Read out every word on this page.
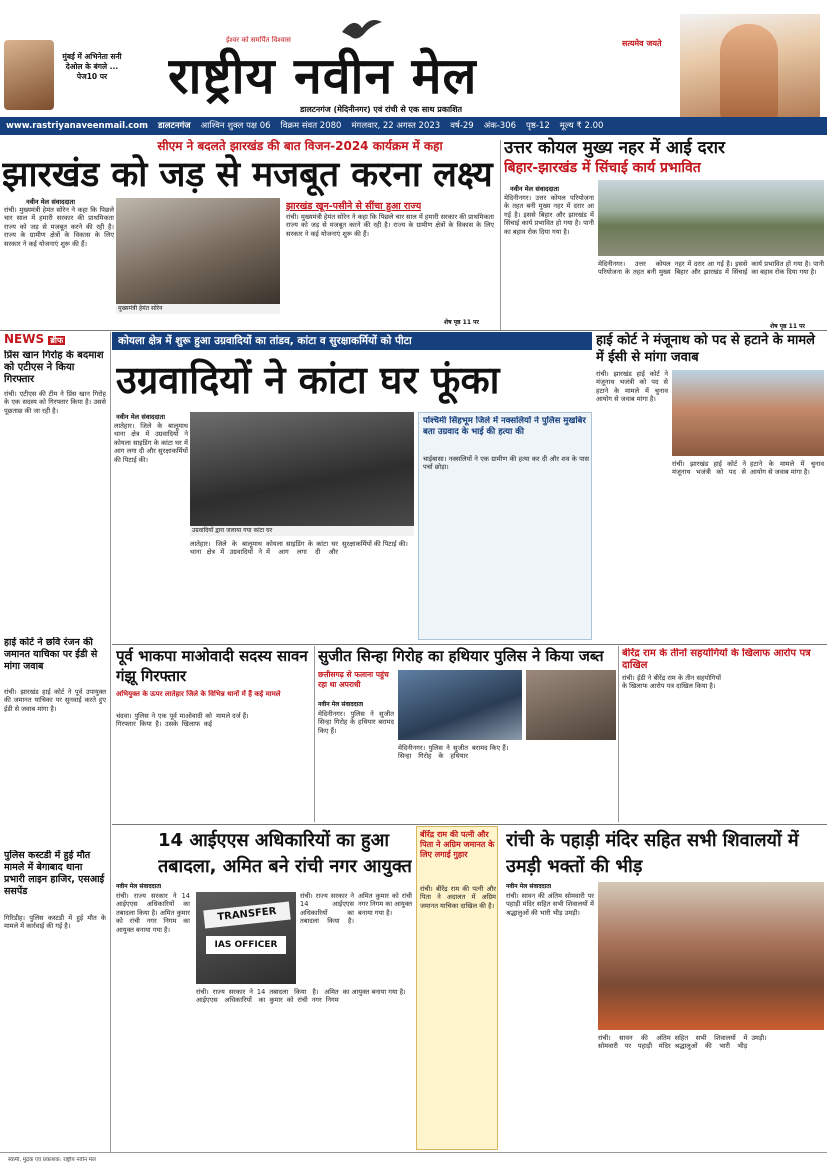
ईश्वर को समर्पित विश्वास
राष्ट्रीय नवीन मेल
सत्यमेव जयते
डालटनगंज (मेदिनीनगर) एवं रांची से एक साथ प्रकाशित
मुंबई में अभिनेता सनी देओल के बंगले ... पेज10 पर
www.rastriyanaveenmail.com डालटनगंज आश्विन शुक्ल पक्ष 06 विक्रम संवत 2080 मंगलवार, 22 अगस्त 2023 वर्ष-29 अंक-306 पृष्ठ-12 मूल्य ₹ 2.00
सीएम ने बदलते झारखंड की बात विजन-2024 कार्यक्रम में कहा
झारखंड को जड़ से मजबूत करना लक्ष्य
नवीन मेल संवाददाता
रांची। मुख्यमंत्री हेमंत सोरेन ने कहा कि पिछले चार साल में हमारी सरकार की प्राथमिकता राज्य को जड़ से मजबूत करने की रही है। राज्य के ग्रामीण क्षेत्रों के विकास के लिए सरकार ने कई योजनाएं शुरू की हैं।
मुख्यमंत्री हेमंत सोरेन
झारखंड खून-पसीने से सींचा हुआ राज्य
रांची। मुख्यमंत्री हेमंत सोरेन ने कहा कि पिछले चार साल में हमारी सरकार की प्राथमिकता राज्य को जड़ से मजबूत करने की रही है। राज्य के ग्रामीण क्षेत्रों के विकास के लिए सरकार ने कई योजनाएं शुरू की हैं।
शेष पृष्ठ 11 पर
उत्तर कोयल मुख्य नहर में आई दरार
बिहार-झारखंड में सिंचाई कार्य प्रभावित
नवीन मेल संवाददाता
मेदिनीनगर। उत्तर कोयल परियोजना के तहत बनी मुख्य नहर में दरार आ गई है। इससे बिहार और झारखंड में सिंचाई कार्य प्रभावित हो गया है। पानी का बहाव रोक दिया गया है।
मेदिनीनगर। उत्तर कोयल परियोजना के तहत बनी मुख्य नहर में दरार आ गई है। इससे बिहार और झारखंड में सिंचाई कार्य प्रभावित हो गया है। पानी का बहाव रोक दिया गया है।
शेष पृष्ठ 11 पर
NEWS ब्रीफ
प्रिंस खान गिरोह के बदमाश को एटीएस ने किया गिरफ्तार
रांची। एटीएस की टीम ने प्रिंस खान गिरोह के एक सदस्य को गिरफ्तार किया है। उससे पूछताछ की जा रही है।
हाई कोर्ट ने छवि रंजन की जमानत याचिका पर ईडी से मांगा जवाब
रांची। झारखंड हाई कोर्ट ने पूर्व उपायुक्त की जमानत याचिका पर सुनवाई करते हुए ईडी से जवाब मांगा है।
पुलिस कस्टडी में हुई मौत मामले में बेगाबाद थाना प्रभारी लाइन हाजिर, एसआई ससपेंड
गिरिडीह। पुलिस कस्टडी में हुई मौत के मामले में कार्रवाई की गई है।
कोयला क्षेत्र में शुरू हुआ उग्रवादियों का तांडव, कांटा व सुरक्षाकर्मियों को पीटा
उग्रवादियों ने कांटा घर फूंका
नवीन मेल संवाददाता
लातेहार। जिले के बालूमाथ थाना क्षेत्र में उग्रवादियों ने कोयला साइडिंग के कांटा घर में आग लगा दी और सुरक्षाकर्मियों की पिटाई की।
उग्रवादियों द्वारा जलाया गया कांटा घर
लातेहार। जिले के बालूमाथ थाना क्षेत्र में उग्रवादियों ने कोयला साइडिंग के कांटा घर में आग लगा दी और सुरक्षाकर्मियों की पिटाई की।
पश्चिमी सिंहभूम जिले में नक्सलियों ने पुलिस मुखबिर बता उग्रवाद के भाई की हत्या की
चाईबासा। नक्सलियों ने एक ग्रामीण की हत्या कर दी और शव के पास पर्चा छोड़ा।
हाई कोर्ट ने मंजूनाथ को पद से हटाने के मामले में ईसी से मांगा जवाब
रांची। झारखंड हाई कोर्ट ने मंजूनाथ भजंत्री को पद से हटाने के मामले में चुनाव आयोग से जवाब मांगा है।
रांची। झारखंड हाई कोर्ट ने मंजूनाथ भजंत्री को पद से हटाने के मामले में चुनाव आयोग से जवाब मांगा है।
पूर्व भाकपा माओवादी सदस्य सावन गंझू गिरफ्तार
अभियुक्त के ऊपर लातेहार जिले के विभिन्न थानों में हैं कई मामले
चंदवा। पुलिस ने एक पूर्व माओवादी को गिरफ्तार किया है। उसके खिलाफ कई मामले दर्ज हैं।
सुजीत सिन्हा गिरोह का हथियार पुलिस ने किया जब्त
छत्तीसगढ़ से फलाना पहुंच रहा था अपराधी
नवीन मेल संवाददाता
मेदिनीनगर। पुलिस ने सुजीत सिन्हा गिरोह के हथियार बरामद किए हैं।
मेदिनीनगर। पुलिस ने सुजीत सिन्हा गिरोह के हथियार बरामद किए हैं।
बीरेंद्र राम के तीनों सहयोगियों के खिलाफ आरोप पत्र दाखिल
रांची। ईडी ने बीरेंद्र राम के तीन सहयोगियों के खिलाफ आरोप पत्र दाखिल किया है।
14 आईएएस अधिकारियों का हुआ तबादला, अमित बने रांची नगर आयुक्त
नवीन मेल संवाददाता
रांची। राज्य सरकार ने 14 आईएएस अधिकारियों का तबादला किया है। अमित कुमार को रांची नगर निगम का आयुक्त बनाया गया है।
TRANSFER
IAS OFFICER
रांची। राज्य सरकार ने 14 आईएएस अधिकारियों का तबादला किया है। अमित कुमार को रांची नगर निगम का आयुक्त बनाया गया है।
रांची। राज्य सरकार ने 14 आईएएस अधिकारियों का तबादला किया है। अमित कुमार को रांची नगर निगम का आयुक्त बनाया गया है।
बीरेंद्र राम की पत्नी और पिता ने अग्रिम जमानत के लिए लगाई गुहार
रांची। बीरेंद्र राम की पत्नी और पिता ने अदालत में अग्रिम जमानत याचिका दाखिल की है।
रांची के पहाड़ी मंदिर सहित सभी शिवालयों में उमड़ी भक्तों की भीड़
नवीन मेल संवाददाता
रांची। सावन की अंतिम सोमवारी पर पहाड़ी मंदिर सहित सभी शिवालयों में श्रद्धालुओं की भारी भीड़ उमड़ी।
रांची। सावन की अंतिम सोमवारी पर पहाड़ी मंदिर सहित सभी शिवालयों में श्रद्धालुओं की भारी भीड़ उमड़ी।
स्वामी, मुद्रक एवं प्रकाशक: राष्ट्रीय नवीन मेल
